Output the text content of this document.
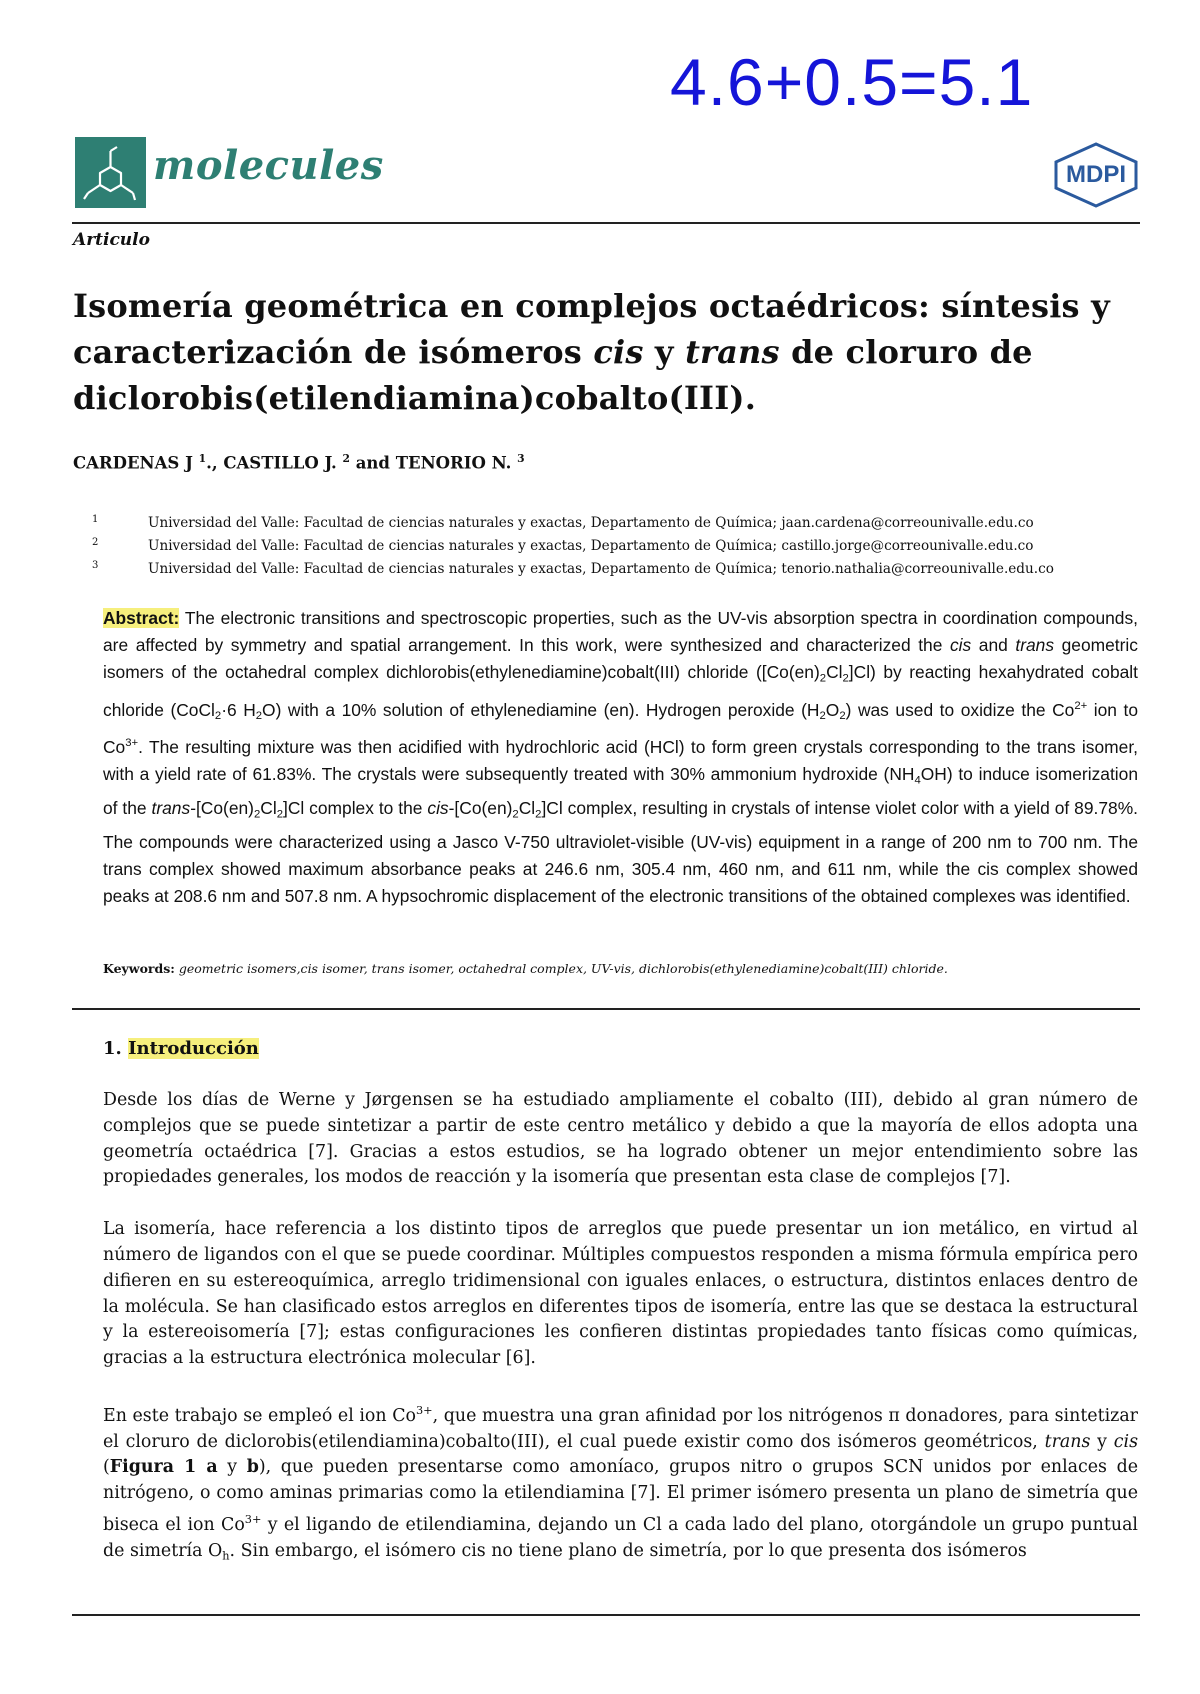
4.6+0.5=5.1
molecules	MDPI
Articulo
Isomería geométrica en complejos octaédricos: síntesis y
caracterización de isómeros cis y trans de cloruro de
diclorobis(etilendiamina)cobalto(III).
CARDENAS J $^1$., CASTILLO J. $^2$ and TENORIO N. $^3$
1	Universidad del Valle: Facultad de ciencias naturales y exactas, Departamento de Química; jaan.cardena@correounivalle.edu.co
2	Universidad del Valle: Facultad de ciencias naturales y exactas, Departamento de Química; castillo.jorge@correounivalle.edu.co
3	Universidad del Valle: Facultad de ciencias naturales y exactas, Departamento de Química; tenorio.nathalia@correounivalle.edu.co
Abstract: The electronic transitions and spectroscopic properties, such as the UV-vis absorption spectra in coordination compounds, are affected by symmetry and spatial arrangement. In this work, were synthesized and characterized the cis and trans geometric isomers of the octahedral complex dichlorobis(ethylenediamine)cobalt(III) chloride $([Co(en)_2Cl_2]Cl)$ by reacting hexahydrated cobalt chloride (CoCl$_2$·6 $H_2O$) with a 10% solution of ethylenediamine (en). Hydrogen peroxide $(H_2O_2)$ was used to oxidize the $Co^{2+}$ ion to $Co^{3+}$. The resulting mixture was then acidified with hydrochloric acid (HCl) to form green crystals corresponding to the trans isomer, with a yield rate of 61.83%. The crystals were subsequently treated with 30% ammonium hydroxide $(NH_4OH)$ to induce isomerization of the trans-$[Co(en)_2Cl_2]Cl$ complex to the cis-$[Co(en)_2Cl_2]Cl$ complex, resulting in crystals of intense violet color with a yield of 89.78%. The compounds were characterized using a Jasco V-750 ultraviolet-visible (UV-vis) equipment in a range of 200 nm to 700 nm. The trans complex showed maximum absorbance peaks at 246.6 nm, 305.4 nm, 460 nm, and 611 nm, while the cis complex showed peaks at 208.6 nm and 507.8 nm. A hypsochromic displacement of the electronic transitions of the obtained complexes was identified.
Keywords: geometric isomers,cis isomer, trans isomer, octahedral complex, UV-vis, dichlorobis(ethylenediamine)cobalt(III) chloride.
1. Introducción

Desde los días de Werne y Jørgensen se ha estudiado ampliamente el cobalto (III), debido al gran número de complejos que se puede sintetizar a partir de este centro metálico y debido a que la mayoría de ellos adopta una geometría octaédrica [7]. Gracias a estos estudios, se ha logrado obtener un mejor entendimiento sobre las propiedades generales, los modos de reacción y la isomería que presentan esta clase de complejos [7].

La isomería, hace referencia a los distinto tipos de arreglos que puede presentar un ion metálico, en virtud al número de ligandos con el que se puede coordinar. Múltiples compuestos responden a misma fórmula empírica pero difieren en su estereoquímica, arreglo tridimensional con iguales enlaces, o estructura, distintos enlaces dentro de la molécula. Se han clasificado estos arreglos en diferentes tipos de isomería, entre las que se destaca la estructural y la estereoisomería [7]; estas configuraciones les confieren distintas propiedades tanto físicas como químicas, gracias a la estructura electrónica molecular [6].

En este trabajo se empleó el ion $Co^{3+}$, que muestra una gran afinidad por los nitrógenos π donadores, para sintetizar el cloruro de diclorobis(etilendiamina)cobalto(III), el cual puede existir como dos isómeros geométricos, trans y cis (Figura 1 a y b), que pueden presentarse como amoníaco, grupos nitro o grupos SCN unidos por enlaces de nitrógeno, o como aminas primarias como la etilendiamina [7]. El primer isómero presenta un plano de simetría que biseca el ion $Co^{3+}$ y el ligando de etilendiamina, dejando un Cl a cada lado del plano, otorgándole un grupo puntual de simetría $O_h$. Sin embargo, el isómero cis no tiene plano de simetría, por lo que presenta dos isómeros
